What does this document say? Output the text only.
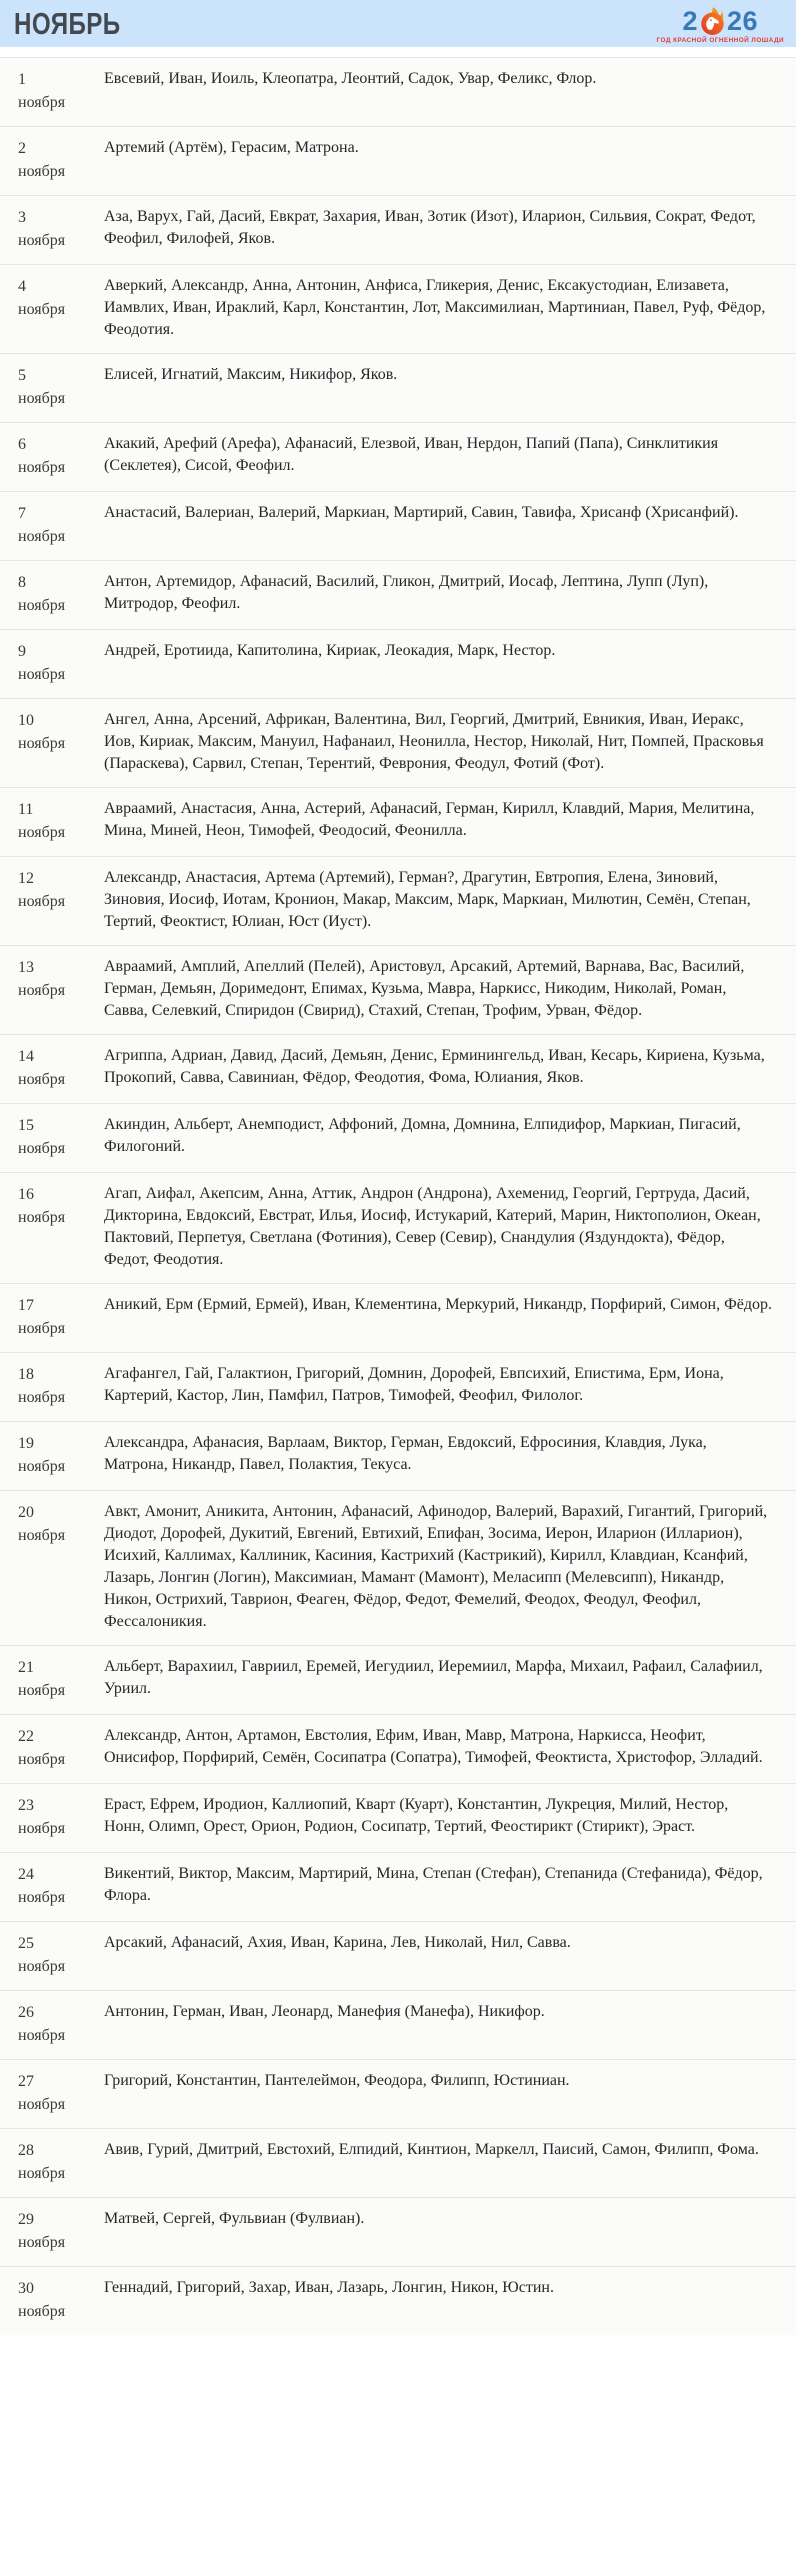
НОЯБРЬ	2 26
ГОД КРАСНОЙ ОГНЕННОЙ ЛОШАДИ
1
ноября
Евсевий, Иван, Иоиль, Клеопатра, Леонтий, Садок, Увар, Феликс, Флор.
2
ноября
Артемий (Артём), Герасим, Матрона.
3
ноября
Аза, Варух, Гай, Дасий, Евкрат, Захария, Иван, Зотик (Изот), Иларион, Сильвия, Сократ, Федот, Феофил, Филофей, Яков.
4
ноября
Аверкий, Александр, Анна, Антонин, Анфиса, Гликерия, Денис, Ексакустодиан, Елизавета, Иамвлих, Иван, Ираклий, Карл, Константин, Лот, Максимилиан, Мартиниан, Павел, Руф, Фёдор, Феодотия.
5
ноября
Елисей, Игнатий, Максим, Никифор, Яков.
6
ноября
Акакий, Арефий (Арефа), Афанасий, Елезвой, Иван, Нердон, Папий (Папа), Синклитикия (Секлетея), Сисой, Феофил.
7
ноября
Анастасий, Валериан, Валерий, Маркиан, Мартирий, Савин, Тавифа, Хрисанф (Хрисанфий).
8
ноября
Антон, Артемидор, Афанасий, Василий, Гликон, Дмитрий, Иосаф, Лептина, Лупп (Луп), Митродор, Феофил.
9
ноября
Андрей, Еротиида, Капитолина, Кириак, Леокадия, Марк, Нестор.
10
ноября
Ангел, Анна, Арсений, Африкан, Валентина, Вил, Георгий, Дмитрий, Евникия, Иван, Иеракс, Иов, Кириак, Максим, Мануил, Нафанаил, Неонилла, Нестор, Николай, Нит, Помпей, Прасковья (Параскева), Сарвил, Степан, Терентий, Феврония, Феодул, Фотий (Фот).
11
ноября
Авраамий, Анастасия, Анна, Астерий, Афанасий, Герман, Кирилл, Клавдий, Мария, Мелитина, Мина, Миней, Неон, Тимофей, Феодосий, Феонилла.
12
ноября
Александр, Анастасия, Артема (Артемий), Герман?, Драгутин, Евтропия, Елена, Зиновий, Зиновия, Иосиф, Иотам, Кронион, Макар, Максим, Марк, Маркиан, Милютин, Семён, Степан, Тертий, Феоктист, Юлиан, Юст (Иуст).
13
ноября
Авраамий, Амплий, Апеллий (Пелей), Аристовул, Арсакий, Артемий, Варнава, Вас, Василий, Герман, Демьян, Доримедонт, Епимах, Кузьма, Мавра, Наркисс, Никодим, Николай, Роман, Савва, Селевкий, Спиридон (Свирид), Стахий, Степан, Трофим, Урван, Фёдор.
14
ноября
Агриппа, Адриан, Давид, Дасий, Демьян, Денис, Ерминингельд, Иван, Кесарь, Кириена, Кузьма, Прокопий, Савва, Савиниан, Фёдор, Феодотия, Фома, Юлиания, Яков.
15
ноября
Акиндин, Альберт, Анемподист, Аффоний, Домна, Домнина, Елпидифор, Маркиан, Пигасий, Филогоний.
16
ноября
Агап, Аифал, Акепсим, Анна, Аттик, Андрон (Андрона), Ахеменид, Георгий, Гертруда, Дасий, Дикторина, Евдоксий, Евстрат, Илья, Иосиф, Истукарий, Катерий, Марин, Никтополион, Океан, Пактовий, Перпетуя, Светлана (Фотиния), Север (Севир), Снандулия (Яздундокта), Фёдор, Федот, Феодотия.
17
ноября
Аникий, Ерм (Ермий, Ермей), Иван, Клементина, Меркурий, Никандр, Порфирий, Симон, Фёдор.
18
ноября
Агафангел, Гай, Галактион, Григорий, Домнин, Дорофей, Евпсихий, Епистима, Ерм, Иона, Картерий, Кастор, Лин, Памфил, Патров, Тимофей, Феофил, Филолог.
19
ноября
Александра, Афанасия, Варлаам, Виктор, Герман, Евдоксий, Ефросиния, Клавдия, Лука, Матрона, Никандр, Павел, Полактия, Текуса.
20
ноября
Авкт, Амонит, Аникита, Антонин, Афанасий, Афинодор, Валерий, Варахий, Гигантий, Григорий, Диодот, Дорофей, Дукитий, Евгений, Евтихий, Епифан, Зосима, Иерон, Иларион (Илларион), Исихий, Каллимах, Каллиник, Касиния, Кастрихий (Кастрикий), Кирилл, Клавдиан, Ксанфий, Лазарь, Лонгин (Логин), Максимиан, Мамант (Мамонт), Меласипп (Мелевсипп), Никандр, Никон, Острихий, Таврион, Феаген, Фёдор, Федот, Фемелий, Феодох, Феодул, Феофил, Фессалоникия.
21
ноября
Альберт, Варахиил, Гавриил, Еремей, Иегудиил, Иеремиил, Марфа, Михаил, Рафаил, Салафиил, Уриил.
22
ноября
Александр, Антон, Артамон, Евстолия, Ефим, Иван, Мавр, Матрона, Наркисса, Неофит, Онисифор, Порфирий, Семён, Сосипатра (Сопатра), Тимофей, Феоктиста, Христофор, Элладий.
23
ноября
Ераст, Ефрем, Иродион, Каллиопий, Кварт (Куарт), Константин, Лукреция, Милий, Нестор, Нонн, Олимп, Орест, Орион, Родион, Сосипатр, Тертий, Феостирикт (Стирикт), Эраст.
24
ноября
Викентий, Виктор, Максим, Мартирий, Мина, Степан (Стефан), Степанида (Стефанида), Фёдор, Флора.
25
ноября
Арсакий, Афанасий, Ахия, Иван, Карина, Лев, Николай, Нил, Савва.
26
ноября
Антонин, Герман, Иван, Леонард, Манефия (Манефа), Никифор.
27
ноября
Григорий, Константин, Пантелеймон, Феодора, Филипп, Юстиниан.
28
ноября
Авив, Гурий, Дмитрий, Евстохий, Елпидий, Кинтион, Маркелл, Паисий, Самон, Филипп, Фома.
29
ноября
Матвей, Сергей, Фульвиан (Фулвиан).
30
ноября
Геннадий, Григорий, Захар, Иван, Лазарь, Лонгин, Никон, Юстин.
